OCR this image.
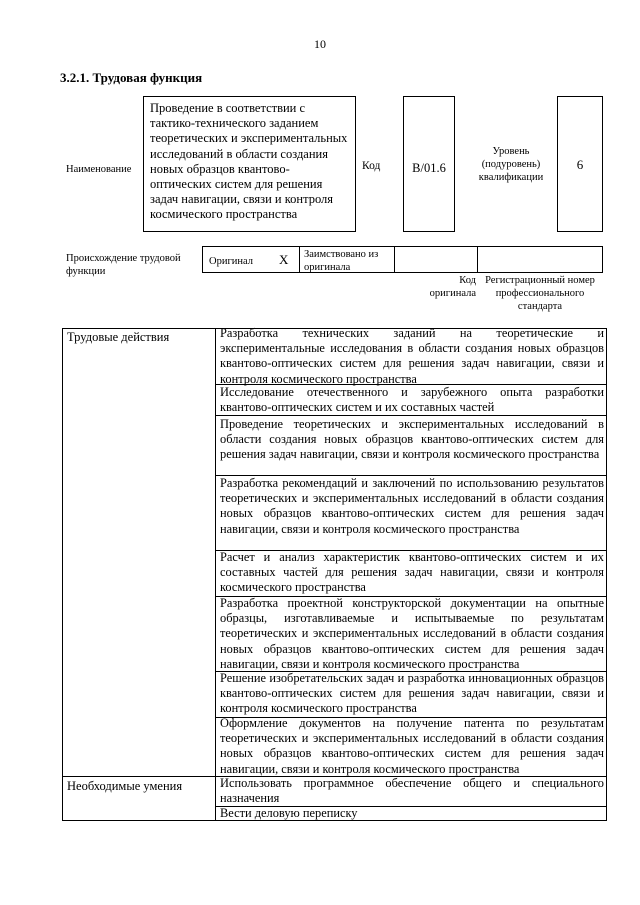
10
3.2.1. Трудовая функция
Наименование
Проведение в соответствии с тактико-технического заданием теоретических и экспериментальных исследований в области создания новых образцов квантово-оптических систем для решения задач навигации, связи и контроля космического пространства
Код	B/01.6
Уровень
(подуровень)
квалификации
6
Происхождение трудовой
функции
Оригинал X Заимствовано из
оригинала
Код
оригинала
Регистрационный номер
профессионального
стандарта
Трудовые действия
Необходимые умения
Разработка технических заданий на теоретические и экспериментальные исследования в области создания новых образцов квантово-оптических систем для решения задач навигации, связи и контроля космического пространства
Исследование отечественного и зарубежного опыта разработки квантово-оптических систем и их составных частей
Проведение теоретических и экспериментальных исследований в области создания новых образцов квантово-оптических систем для решения задач навигации, связи и контроля космического пространства
Разработка рекомендаций и заключений по использованию результатов теоретических и экспериментальных исследований в области создания новых образцов квантово-оптических систем для решения задач навигации, связи и контроля космического пространства
Расчет и анализ характеристик квантово-оптических систем и их составных частей для решения задач навигации, связи и контроля космического пространства
Разработка проектной конструкторской документации на опытные образцы, изготавливаемые и испытываемые по результатам теоретических и экспериментальных исследований в области создания новых образцов квантово-оптических систем для решения задач навигации, связи и контроля космического пространства
Решение изобретательских задач и разработка инновационных образцов квантово-оптических систем для решения задач навигации, связи и контроля космического пространства
Оформление документов на получение патента по результатам теоретических и экспериментальных исследований в области создания новых образцов квантово-оптических систем для решения задач навигации, связи и контроля космического пространства
Использовать программное обеспечение общего и специального назначения
Вести деловую переписку
